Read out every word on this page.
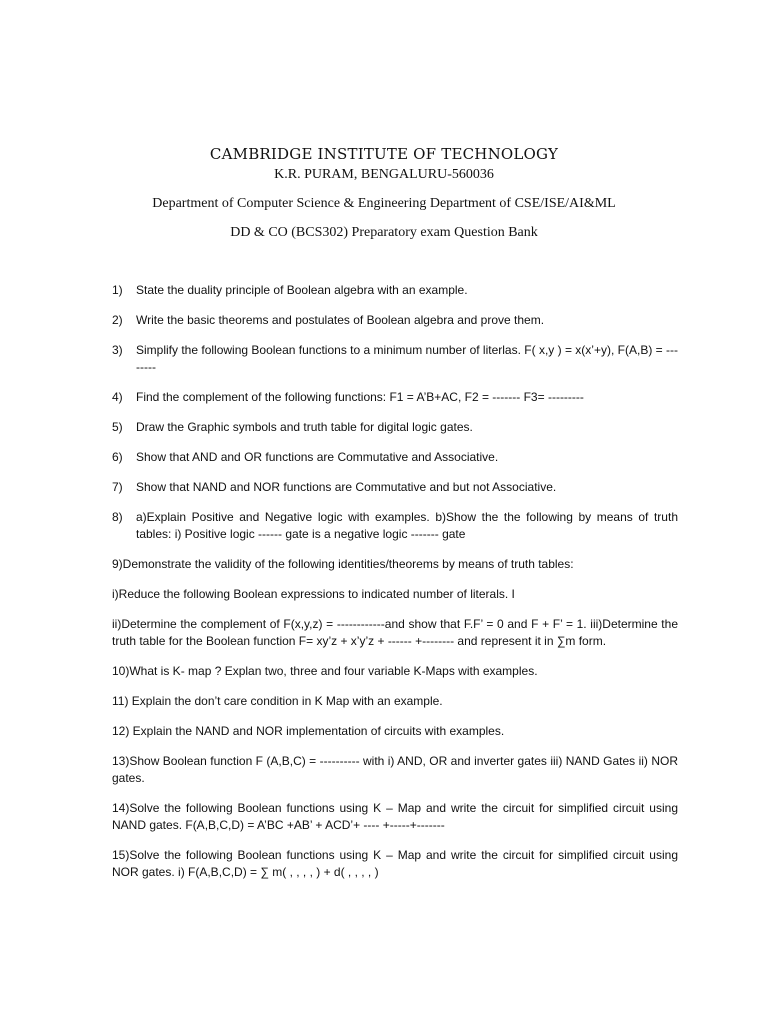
CAMBRIDGE INSTITUTE OF TECHNOLOGY
K.R. PURAM, BENGALURU-560036
Department of Computer Science & Engineering Department of CSE/ISE/AI&ML
DD & CO (BCS302) Preparatory exam Question Bank
1)	State the duality principle of Boolean algebra with an example.
2)	Write the basic theorems and postulates of Boolean algebra and prove them.
3)	Simplify the following Boolean functions to a minimum number of literlas. F( x,y ) = x(x’+y), F(A,B) = --------
4)	Find the complement of the following functions: F1 = A’B+AC, F2 = ------- F3= ---------
5)	Draw the Graphic symbols and truth table for digital logic gates.
6)	Show that AND and OR functions are Commutative and Associative.
7)	Show that NAND and NOR functions are Commutative and but not Associative.
8)	a)Explain Positive and Negative logic with examples. b)Show the the following by means of truth tables: i) Positive logic ------ gate is a negative logic ------- gate
9)Demonstrate the validity of the following identities/theorems by means of truth tables:
i)Reduce the following Boolean expressions to indicated number of literals. I
ii)Determine the complement of F(x,y,z) = ------------and show that F.F’ = 0 and F + F’ = 1. iii)Determine the truth table for the Boolean function F= xy’z + x’y’z + ------ +-------- and represent it in ∑m form.
10)What is K- map ? Explan two, three and four variable K-Maps with examples.
11) Explain the don’t care condition in K Map with an example.
12) Explain the NAND and NOR implementation of circuits with examples.
13)Show Boolean function F (A,B,C) = ---------- with i) AND, OR and inverter gates iii) NAND Gates ii) NOR gates.
14)Solve the following Boolean functions using K – Map and write the circuit for simplified circuit using NAND gates. F(A,B,C,D) = A’BC +AB’ + ACD’+ ---- +-----+-------
15)Solve the following Boolean functions using K – Map and write the circuit for simplified circuit using NOR gates. i) F(A,B,C,D) = ∑ m( , , , , ) + d( , , , , )
